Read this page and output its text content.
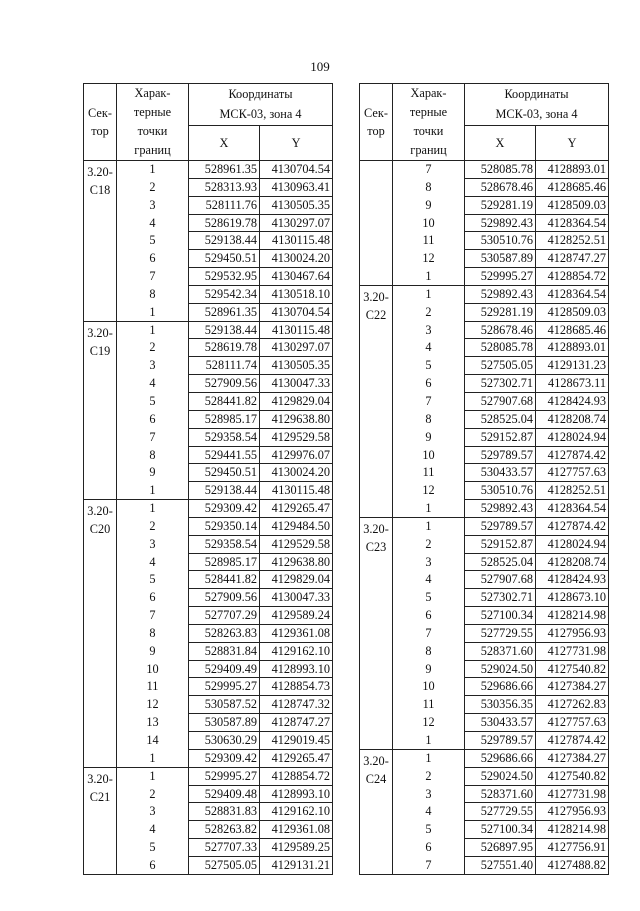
109
Сек-
тор	Харак-
терные
точки
границ	Координаты
МСК-03, зона 4	
		X	Y
3.20-
С18	1	528961.35	4130704.54
	2	528313.93	4130963.41
	3	528111.76	4130505.35
	4	528619.78	4130297.07
	5	529138.44	4130115.48
	6	529450.51	4130024.20
	7	529532.95	4130467.64
	8	529542.34	4130518.10
	1	528961.35	4130704.54
3.20-
С19	1	529138.44	4130115.48
	2	528619.78	4130297.07
	3	528111.74	4130505.35
	4	527909.56	4130047.33
	5	528441.82	4129829.04
	6	528985.17	4129638.80
	7	529358.54	4129529.58
	8	529441.55	4129976.07
	9	529450.51	4130024.20
	1	529138.44	4130115.48
3.20-
С20	1	529309.42	4129265.47
	2	529350.14	4129484.50
	3	529358.54	4129529.58
	4	528985.17	4129638.80
	5	528441.82	4129829.04
	6	527909.56	4130047.33
	7	527707.29	4129589.24
	8	528263.83	4129361.08
	9	528831.84	4129162.10
	10	529409.49	4128993.10
	11	529995.27	4128854.73
	12	530587.52	4128747.32
	13	530587.89	4128747.27
	14	530630.29	4129019.45
	1	529309.42	4129265.47
3.20-
С21	1	529995.27	4128854.72
	2	529409.48	4128993.10
	3	528831.83	4129162.10
	4	528263.82	4129361.08
	5	527707.33	4129589.25
	6	527505.05	4129131.21
Сек-
тор	Харак-
терные
точки
границ	Координаты
МСК-03, зона 4	
		X	Y
	7	528085.78	4128893.01
	8	528678.46	4128685.46
	9	529281.19	4128509.03
	10	529892.43	4128364.54
	11	530510.76	4128252.51
	12	530587.89	4128747.27
	1	529995.27	4128854.72
3.20-
С22	1	529892.43	4128364.54
	2	529281.19	4128509.03
	3	528678.46	4128685.46
	4	528085.78	4128893.01
	5	527505.05	4129131.23
	6	527302.71	4128673.11
	7	527907.68	4128424.93
	8	528525.04	4128208.74
	9	529152.87	4128024.94
	10	529789.57	4127874.42
	11	530433.57	4127757.63
	12	530510.76	4128252.51
	1	529892.43	4128364.54
3.20-
С23	1	529789.57	4127874.42
	2	529152.87	4128024.94
	3	528525.04	4128208.74
	4	527907.68	4128424.93
	5	527302.71	4128673.10
	6	527100.34	4128214.98
	7	527729.55	4127956.93
	8	528371.60	4127731.98
	9	529024.50	4127540.82
	10	529686.66	4127384.27
	11	530356.35	4127262.83
	12	530433.57	4127757.63
	1	529789.57	4127874.42
3.20-
С24	1	529686.66	4127384.27
	2	529024.50	4127540.82
	3	528371.60	4127731.98
	4	527729.55	4127956.93
	5	527100.34	4128214.98
	6	526897.95	4127756.91
	7	527551.40	4127488.82
